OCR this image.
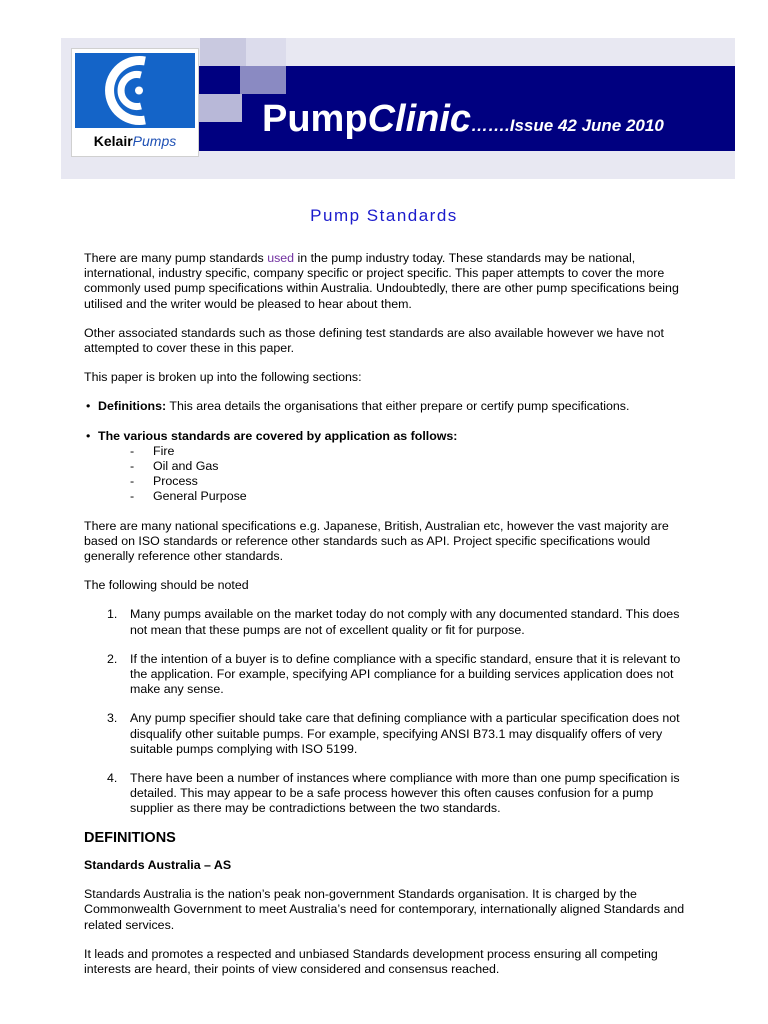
KelairPumps
PumpClinic…….Issue 42 June 2010
Pump Standards

There are many pump standards used in the pump industry today. These standards may be national, international, industry specific, company specific or project specific. This paper attempts to cover the more commonly used pump specifications within Australia. Undoubtedly, there are other pump specifications being utilised and the writer would be pleased to hear about them.

Other associated standards such as those defining test standards are also available however we have not attempted to cover these in this paper.

This paper is broken up into the following sections:

• Definitions: This area details the organisations that either prepare or certify pump specifications.
• The various standards are covered by application as follows:
- Fire
- Oil and Gas
- Process
- General Purpose

There are many national specifications e.g. Japanese, British, Australian etc, however the vast majority are based on ISO standards or reference other standards such as API. Project specific specifications would generally reference other standards.

The following should be noted

1. Many pumps available on the market today do not comply with any documented standard. This does not mean that these pumps are not of excellent quality or fit for purpose.
2. If the intention of a buyer is to define compliance with a specific standard, ensure that it is relevant to the application. For example, specifying API compliance for a building services application does not make any sense.
3. Any pump specifier should take care that defining compliance with a particular specification does not disqualify other suitable pumps. For example, specifying ANSI B73.1 may disqualify offers of very suitable pumps complying with ISO 5199.
4. There have been a number of instances where compliance with more than one pump specification is detailed. This may appear to be a safe process however this often causes confusion for a pump supplier as there may be contradictions between the two standards.
DEFINITIONS

Standards Australia – AS

Standards Australia is the nation’s peak non-government Standards organisation. It is charged by the Commonwealth Government to meet Australia’s need for contemporary, internationally aligned Standards and related services.

It leads and promotes a respected and unbiased Standards development process ensuring all competing interests are heard, their points of view considered and consensus reached.
